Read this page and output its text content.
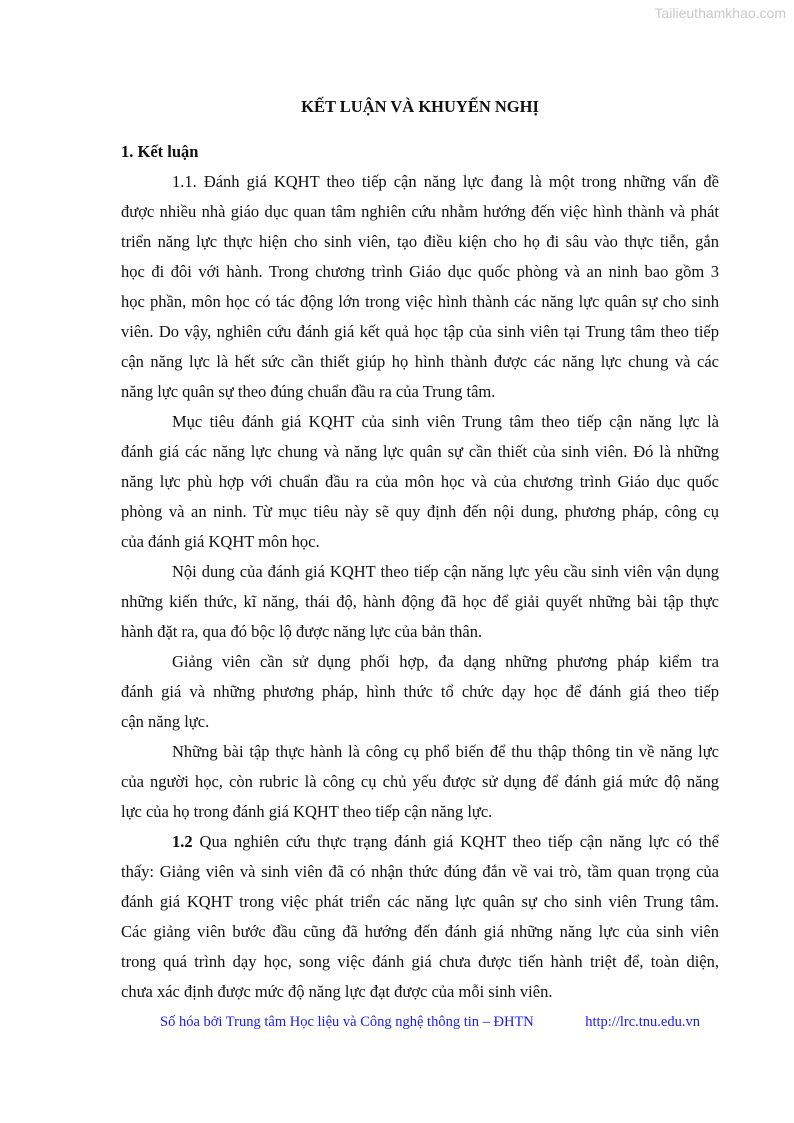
Tailieuthamkhao.com
KẾT LUẬN VÀ KHUYẾN NGHỊ
1. Kết luận
1.1. Đánh giá KQHT theo tiếp cận năng lực đang là một trong những vấn đề
được nhiều nhà giáo dục quan tâm nghiên cứu nhằm hướng đến việc hình thành và phát
triển năng lực thực hiện cho sinh viên, tạo điều kiện cho họ đi sâu vào thực tiễn, gắn
học đi đôi với hành. Trong chương trình Giáo dục quốc phòng và an ninh bao gồm 3
học phần, môn học có tác động lớn trong việc hình thành các năng lực quân sự cho sinh
viên. Do vậy, nghiên cứu đánh giá kết quả học tập của sinh viên tại Trung tâm theo tiếp
cận năng lực là hết sức cần thiết giúp họ hình thành được các năng lực chung và các
năng lực quân sự theo đúng chuẩn đầu ra của Trung tâm.
Mục tiêu đánh giá KQHT của sinh viên Trung tâm theo tiếp cận năng lực là
đánh giá các năng lực chung và năng lực quân sự cần thiết của sinh viên. Đó là những
năng lực phù hợp với chuẩn đầu ra của môn học và của chương trình Giáo dục quốc
phòng và an ninh. Từ mục tiêu này sẽ quy định đến nội dung, phương pháp, công cụ
của đánh giá KQHT môn học.
Nội dung của đánh giá KQHT theo tiếp cận năng lực yêu cầu sinh viên vận dụng
những kiến thức, kĩ năng, thái độ, hành động đã học để giải quyết những bài tập thực
hành đặt ra, qua đó bộc lộ được năng lực của bản thân.
Giảng viên cần sử dụng phối hợp, đa dạng những phương pháp kiểm tra
đánh giá và những phương pháp, hình thức tổ chức dạy học để đánh giá theo tiếp
cận năng lực.
Những bài tập thực hành là công cụ phổ biến để thu thập thông tin về năng lực
của người học, còn rubric là công cụ chủ yếu được sử dụng để đánh giá mức độ năng
lực của họ trong đánh giá KQHT theo tiếp cận năng lực.
1.2 Qua nghiên cứu thực trạng đánh giá KQHT theo tiếp cận năng lực có thể
thấy: Giảng viên và sinh viên đã có nhận thức đúng đắn về vai trò, tầm quan trọng của
đánh giá KQHT trong việc phát triển các năng lực quân sự cho sinh viên Trung tâm.
Các giảng viên bước đầu cũng đã hướng đến đánh giá những năng lực của sinh viên
trong quá trình dạy học, song việc đánh giá chưa được tiến hành triệt để, toàn diện,
chưa xác định được mức độ năng lực đạt được của mỗi sinh viên.
Số hóa bởi Trung tâm Học liệu và Công nghệ thông tin – ĐHTN	http://lrc.tnu.edu.vn
